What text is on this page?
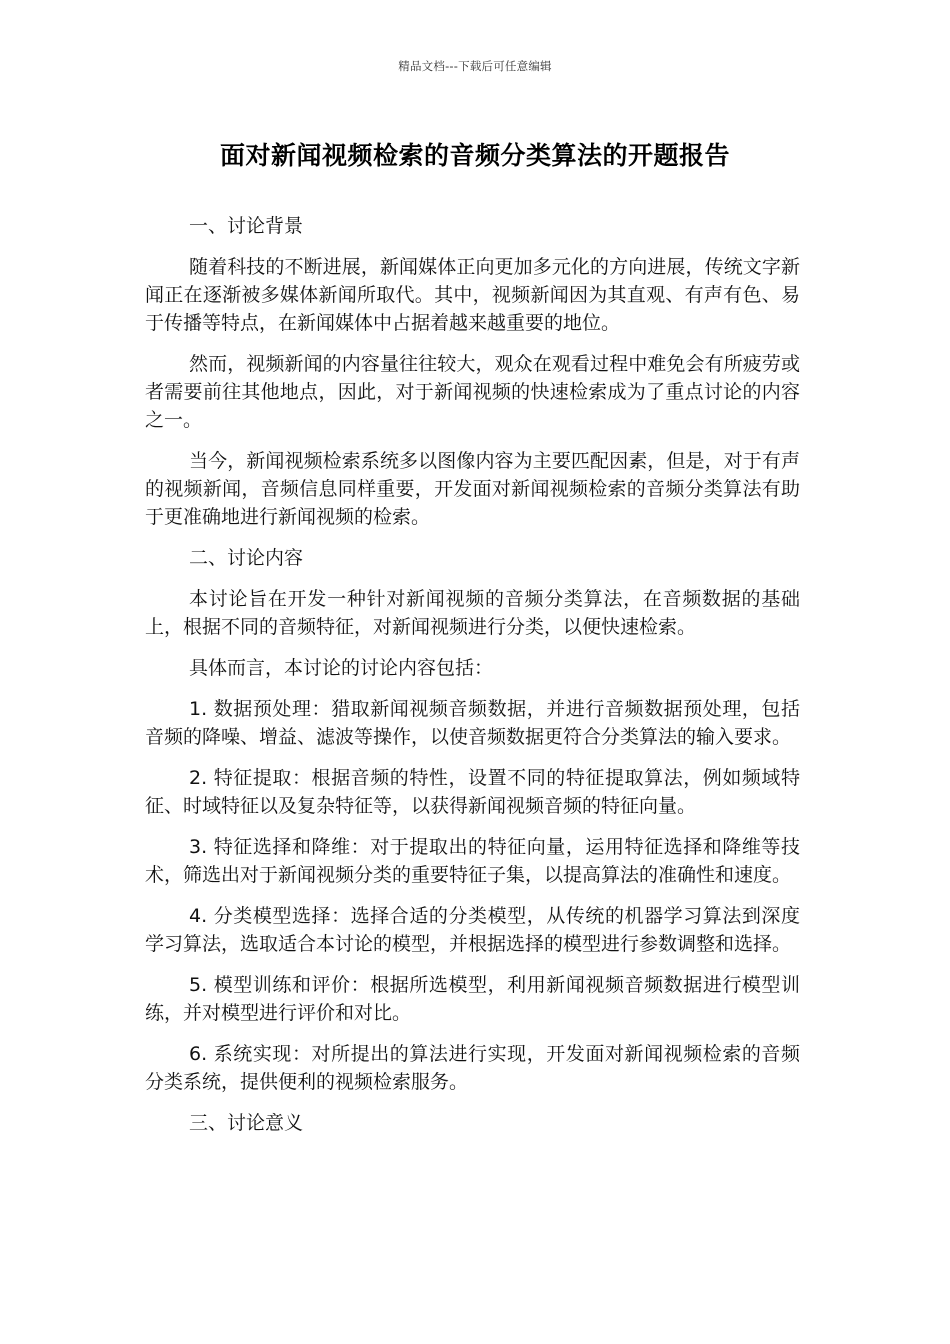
精品文档---下载后可任意编辑
面对新闻视频检索的音频分类算法的开题报告
一、讨论背景

随着科技的不断进展，新闻媒体正向更加多元化的方向进展，传统文字新闻正在逐渐被多媒体新闻所取代。其中，视频新闻因为其直观、有声有色、易于传播等特点，在新闻媒体中占据着越来越重要的地位。

然而，视频新闻的内容量往往较大，观众在观看过程中难免会有所疲劳或者需要前往其他地点，因此，对于新闻视频的快速检索成为了重点讨论的内容之一。

当今，新闻视频检索系统多以图像内容为主要匹配因素，但是，对于有声的视频新闻，音频信息同样重要，开发面对新闻视频检索的音频分类算法有助于更准确地进行新闻视频的检索。

二、讨论内容

本讨论旨在开发一种针对新闻视频的音频分类算法，在音频数据的基础上，根据不同的音频特征，对新闻视频进行分类，以便快速检索。

具体而言，本讨论的讨论内容包括：

1. 数据预处理：猎取新闻视频音频数据，并进行音频数据预处理，包括音频的降噪、增益、滤波等操作，以使音频数据更符合分类算法的输入要求。

2. 特征提取：根据音频的特性，设置不同的特征提取算法，例如频域特征、时域特征以及复杂特征等，以获得新闻视频音频的特征向量。

3. 特征选择和降维：对于提取出的特征向量，运用特征选择和降维等技术，筛选出对于新闻视频分类的重要特征子集，以提高算法的准确性和速度。

4. 分类模型选择：选择合适的分类模型，从传统的机器学习算法到深度学习算法，选取适合本讨论的模型，并根据选择的模型进行参数调整和选择。

5. 模型训练和评价：根据所选模型，利用新闻视频音频数据进行模型训练，并对模型进行评价和对比。

6. 系统实现：对所提出的算法进行实现，开发面对新闻视频检索的音频分类系统，提供便利的视频检索服务。

三、讨论意义
